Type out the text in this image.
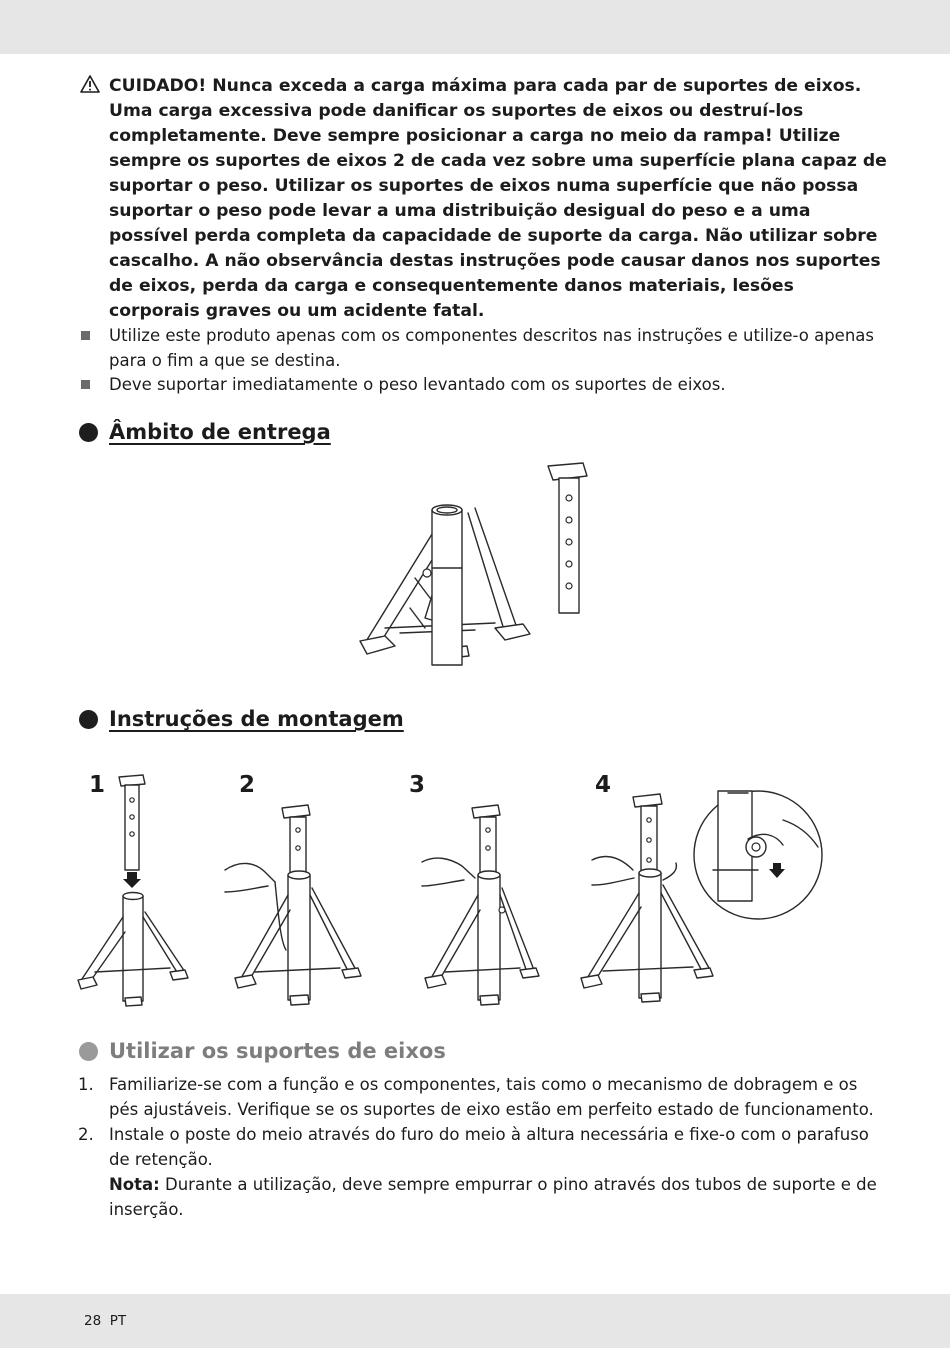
CUIDADO! Nunca exceda a carga máxima para cada par de suportes de eixos. Uma carga excessiva pode danificar os suportes de eixos ou destruí-los completamente. Deve sempre posicionar a carga no meio da rampa! Utilize sempre os suportes de eixos 2 de cada vez sobre uma superfície plana capaz de suportar o peso. Utilizar os suportes de eixos numa superfície que não possa suportar o peso pode levar a uma distribuição desigual do peso e a uma possível perda completa da capacidade de suporte da carga. Não utilizar sobre cascalho. A não observância destas instruções pode causar danos nos suportes de eixos, perda da carga e consequentemente danos materiais, lesões corporais graves ou um acidente fatal.

Utilize este produto apenas com os componentes descritos nas instruções e utilize-o apenas para o fim a que se destina.

Deve suportar imediatamente o peso levantado com os suportes de eixos.

Âmbito de entrega
Instruções de montagem
1	2	3	4
Utilizar os suportes de eixos
1. Familiarize-se com a função e os componentes, tais como o mecanismo de dobragem e os pés ajustáveis. Verifique se os suportes de eixo estão em perfeito estado de funcionamento.

2. Instale o poste do meio através do furo do meio à altura necessária e fixe-o com o parafuso de retenção.

Nota: Durante a utilização, deve sempre empurrar o pino através dos tubos de suporte e de inserção.

28 PT
